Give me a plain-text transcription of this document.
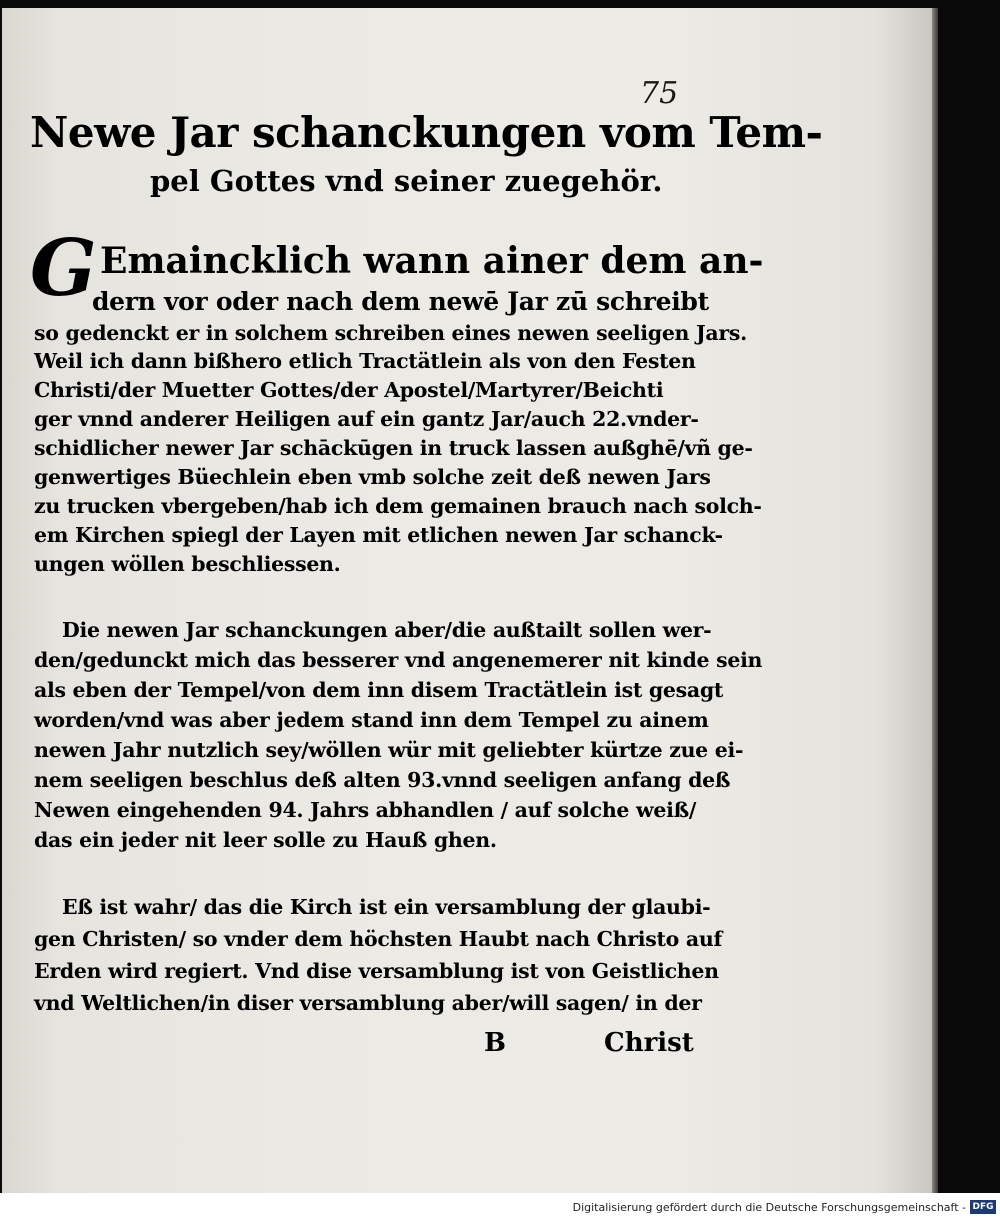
75
Newe Jar schanckungen vom Tem-
pel Gottes vnd seiner zuegehör.
G Emaincklich wann ainer dem an-
dern vor oder nach dem newē Jar zū schreibt
so gedenckt er in solchem schreiben eines newen seeligen Jars.
Weil ich dann bißhero etlich Tractätlein als von den Festen
Christi/der Muetter Gottes/der Apostel/Martyrer/Beichti
ger vnnd anderer Heiligen auf ein gantz Jar/auch 22.vnder-
schidlicher newer Jar schāckūgen in truck lassen außghē/vñ ge-
genwertiges Büechlein eben vmb solche zeit deß newen Jars
zu trucken vbergeben/hab ich dem gemainen brauch nach solch-
em Kirchen spiegl der Layen mit etlichen newen Jar schanck-
ungen wöllen beschliessen.
Die newen Jar schanckungen aber/die außtailt sollen wer-
den/gedunckt mich das besserer vnd angenemerer nit kinde sein
als eben der Tempel/von dem inn disem Tractätlein ist gesagt
worden/vnd was aber jedem stand inn dem Tempel zu ainem
newen Jahr nutzlich sey/wöllen wür mit geliebter kürtze zue ei-
nem seeligen beschlus deß alten 93.vnnd seeligen anfang deß
Newen eingehenden 94. Jahrs abhandlen / auf solche weiß/
das ein jeder nit leer solle zu Hauß ghen.
Eß ist wahr/ das die Kirch ist ein versamblung der glaubi-
gen Christen/ so vnder dem höchsten Haubt nach Christo auf
Erden wird regiert. Vnd dise versamblung ist von Geistlichen
vnd Weltlichen/in diser versamblung aber/will sagen/ in der
B	Christ
Digitalisierung gefördert durch die Deutsche Forschungsgemeinschaft - DFG
